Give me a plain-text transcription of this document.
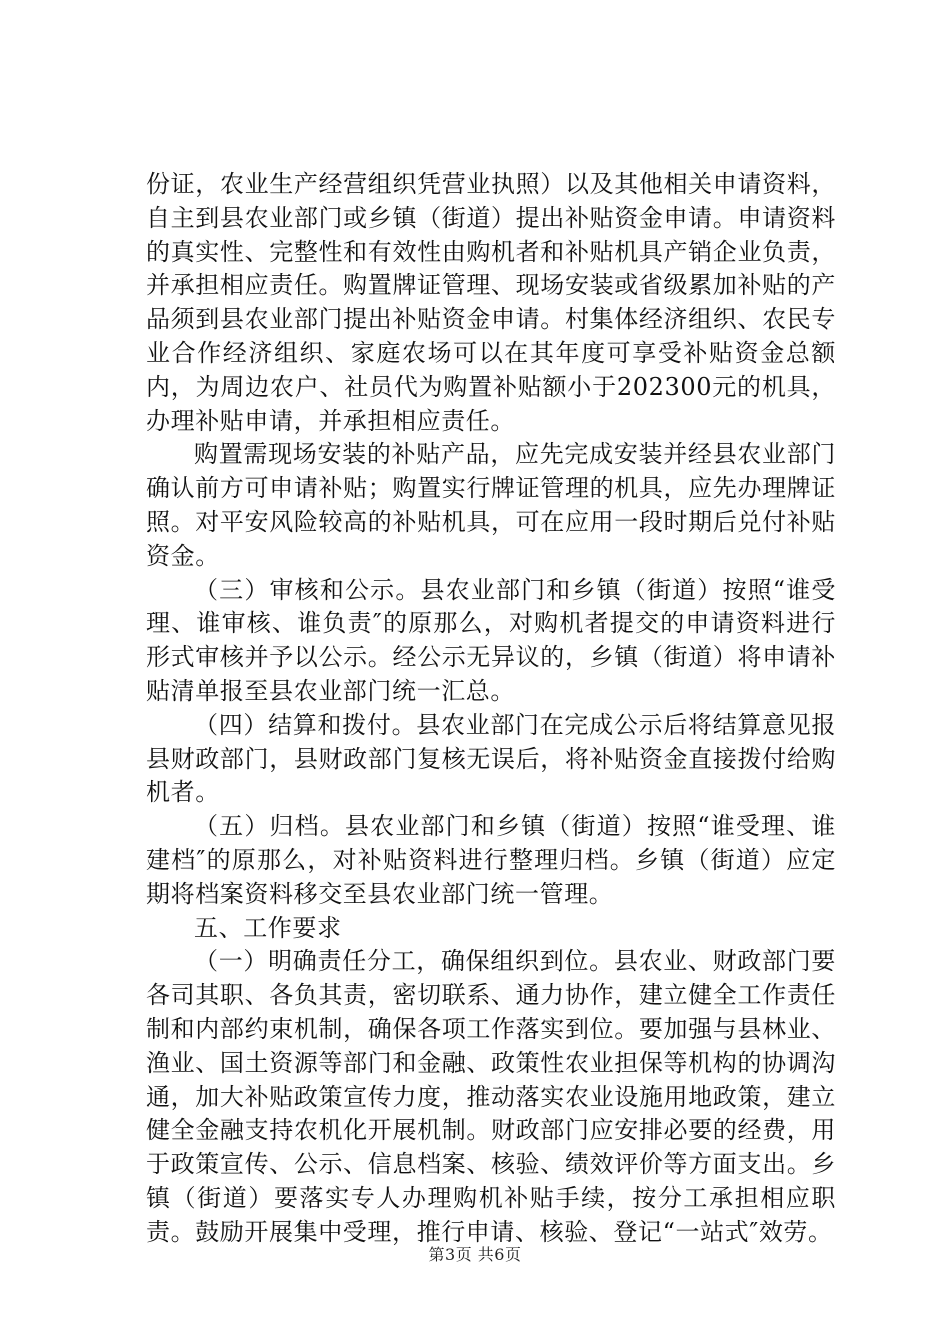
份证，农业生产经营组织凭营业执照）以及其他相关申请资料，自主到县农业部门或乡镇（街道）提出补贴资金申请。申请资料的真实性、完整性和有效性由购机者和补贴机具产销企业负责，并承担相应责任。购置牌证管理、现场安装或省级累加补贴的产品须到县农业部门提出补贴资金申请。村集体经济组织、农民专业合作经济组织、家庭农场可以在其年度可享受补贴资金总额内，为周边农户、社员代为购置补贴额小于202300元的机具，办理补贴申请，并承担相应责任。

购置需现场安装的补贴产品，应先完成安装并经县农业部门确认前方可申请补贴；购置实行牌证管理的机具，应先办理牌证照。对平安风险较高的补贴机具，可在应用一段时期后兑付补贴资金。

（三）审核和公示。县农业部门和乡镇（街道）按照“谁受理、谁审核、谁负责″的原那么，对购机者提交的申请资料进行形式审核并予以公示。经公示无异议的，乡镇（街道）将申请补贴清单报至县农业部门统一汇总。

（四）结算和拨付。县农业部门在完成公示后将结算意见报县财政部门，县财政部门复核无误后，将补贴资金直接拨付给购机者。

（五）归档。县农业部门和乡镇（街道）按照“谁受理、谁建档″的原那么，对补贴资料进行整理归档。乡镇（街道）应定期将档案资料移交至县农业部门统一管理。

五、工作要求

（一）明确责任分工，确保组织到位。县农业、财政部门要各司其职、各负其责，密切联系、通力协作，建立健全工作责任制和内部约束机制，确保各项工作落实到位。要加强与县林业、渔业、国土资源等部门和金融、政策性农业担保等机构的协调沟通，加大补贴政策宣传力度，推动落实农业设施用地政策，建立健全金融支持农机化开展机制。财政部门应安排必要的经费，用于政策宣传、公示、信息档案、核验、绩效评价等方面支出。乡镇（街道）要落实专人办理购机补贴手续，按分工承担相应职责。鼓励开展集中受理，推行申请、核验、登记“一站式″效劳。

第3页 共6页
